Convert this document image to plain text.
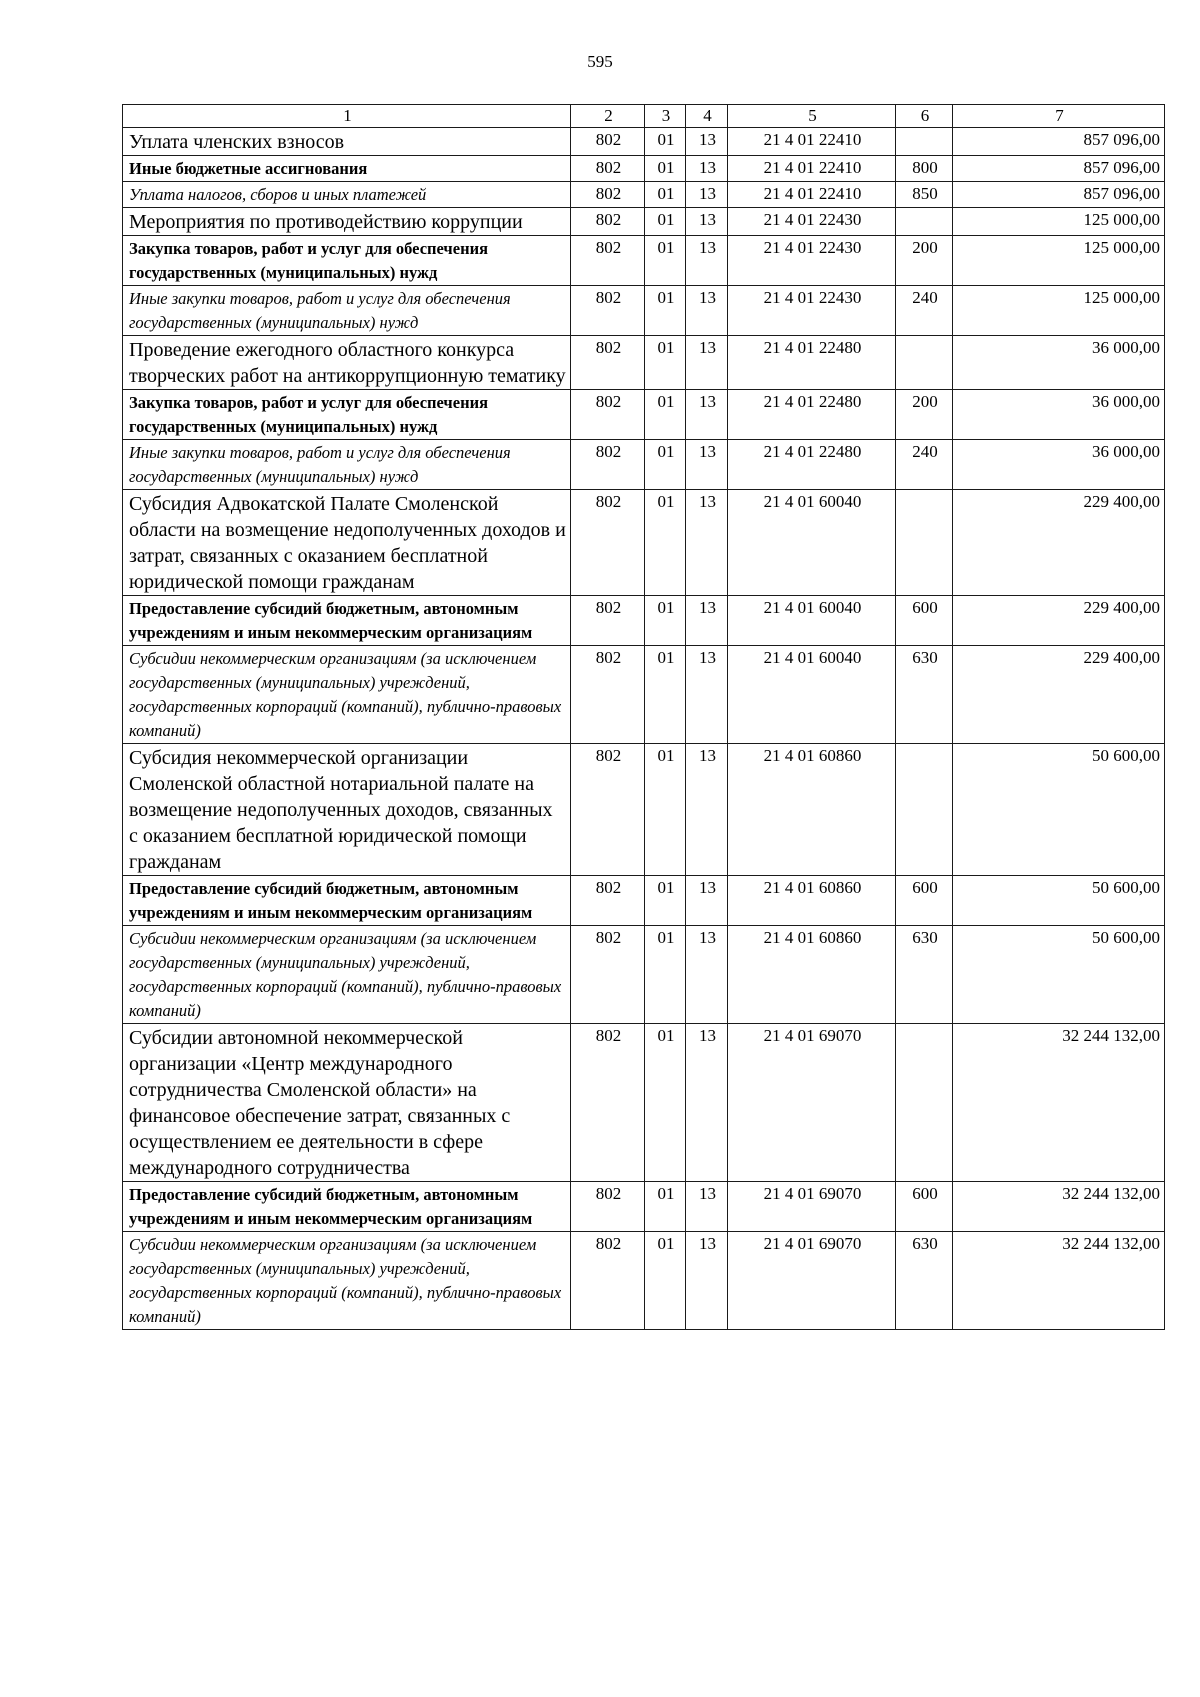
595
1	2	3	4	5	6	7
Уплата членских взносов	802	01	13	21 4 01 22410		857 096,00
Иные бюджетные ассигнования	802	01	13	21 4 01 22410	800	857 096,00
Уплата налогов, сборов и иных платежей	802	01	13	21 4 01 22410	850	857 096,00
Мероприятия по противодействию коррупции	802	01	13	21 4 01 22430		125 000,00
Закупка товаров, работ и услуг для обеспечения государственных (муниципальных) нужд	802	01	13	21 4 01 22430	200	125 000,00
Иные закупки товаров, работ и услуг для обеспечения государственных (муниципальных) нужд	802	01	13	21 4 01 22430	240	125 000,00
Проведение ежегодного областного конкурса творческих работ на антикоррупционную тематику	802	01	13	21 4 01 22480		36 000,00
Закупка товаров, работ и услуг для обеспечения государственных (муниципальных) нужд	802	01	13	21 4 01 22480	200	36 000,00
Иные закупки товаров, работ и услуг для обеспечения государственных (муниципальных) нужд	802	01	13	21 4 01 22480	240	36 000,00
Субсидия Адвокатской Палате Смоленской области на возмещение недополученных доходов и затрат, связанных с оказанием бесплатной юридической помощи гражданам	802	01	13	21 4 01 60040		229 400,00
Предоставление субсидий бюджетным, автономным учреждениям и иным некоммерческим организациям	802	01	13	21 4 01 60040	600	229 400,00
Субсидии некоммерческим организациям (за исключением государственных (муниципальных) учреждений, государственных корпораций (компаний), публично-правовых компаний)	802	01	13	21 4 01 60040	630	229 400,00
Субсидия некоммерческой организации Смоленской областной нотариальной палате на возмещение недополученных доходов, связанных с оказанием бесплатной юридической помощи гражданам	802	01	13	21 4 01 60860		50 600,00
Предоставление субсидий бюджетным, автономным учреждениям и иным некоммерческим организациям	802	01	13	21 4 01 60860	600	50 600,00
Субсидии некоммерческим организациям (за исключением государственных (муниципальных) учреждений, государственных корпораций (компаний), публично-правовых компаний)	802	01	13	21 4 01 60860	630	50 600,00
Субсидии автономной некоммерческой организации «Центр международного сотрудничества Смоленской области» на финансовое обеспечение затрат, связанных с осуществлением ее деятельности в сфере международного сотрудничества	802	01	13	21 4 01 69070		32 244 132,00
Предоставление субсидий бюджетным, автономным учреждениям и иным некоммерческим организациям	802	01	13	21 4 01 69070	600	32 244 132,00
Субсидии некоммерческим организациям (за исключением государственных (муниципальных) учреждений, государственных корпораций (компаний), публично-правовых компаний)	802	01	13	21 4 01 69070	630	32 244 132,00
